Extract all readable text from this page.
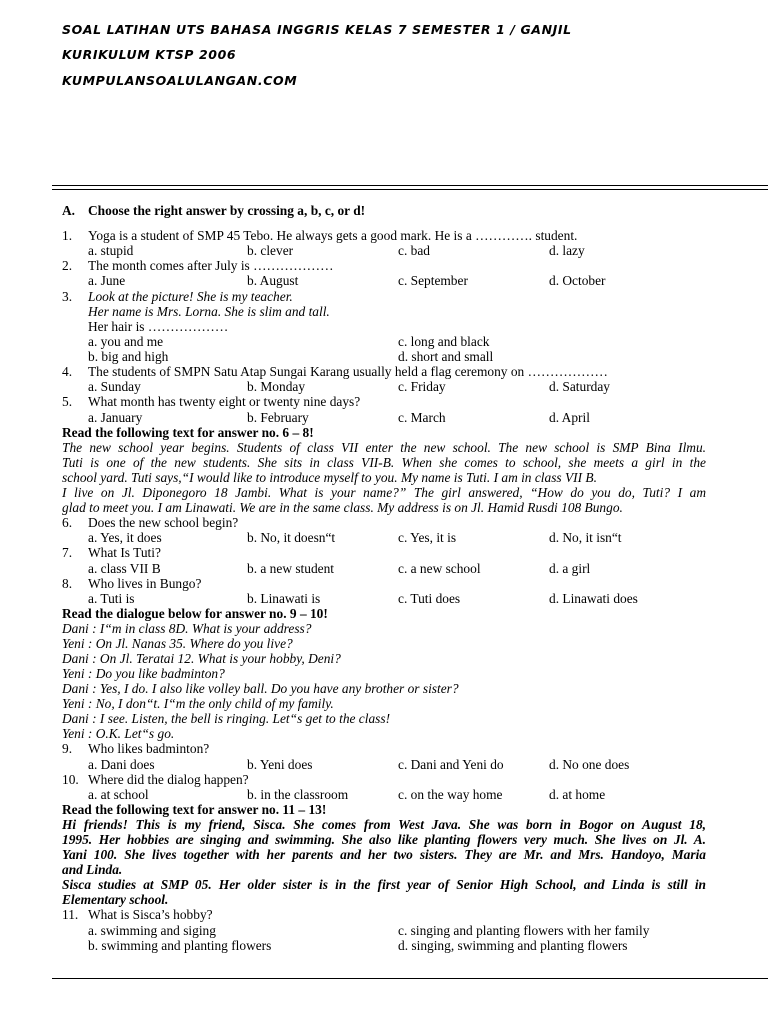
SOAL LATIHAN UTS BAHASA INGGRIS KELAS 7 SEMESTER 1 / GANJIL
KURIKULUM KTSP 2006
KUMPULANSOALULANGAN.COM
A. Choose the right answer by crossing a, b, c, or d!
1. Yoga is a student of SMP 45 Tebo. He always gets a good mark. He is a …………. student.
a. stupid	b. clever	c. bad	d. lazy
2. The month comes after July is ………………
a. June	b. August	c. September	d. October
3. Look at the picture! She is my teacher.
Her name is Mrs. Lorna. She is slim and tall.
Her hair is ………………
a. you and me	c. long and black
b. big and high	d. short and small
4. The students of SMPN Satu Atap Sungai Karang usually held a flag ceremony on ………………
a. Sunday	b. Monday	c. Friday	d. Saturday
5. What month has twenty eight or twenty nine days?
a. January	b. February	c. March	d. April
Read the following text for answer no. 6 – 8!
The new school year begins. Students of class VII enter the new school. The new school is SMP Bina Ilmu.
Tuti is one of the new students. She sits in class VII-B. When she comes to school, she meets a girl in the
school yard. Tuti says,“I would like to introduce myself to you. My name is Tuti. I am in class VII B.
I live on Jl. Diponegoro 18 Jambi. What is your name?” The girl answered, “How do you do, Tuti? I am
glad to meet you. I am Linawati. We are in the same class. My address is on Jl. Hamid Rusdi 108 Bungo.
6. Does the new school begin?
a. Yes, it does	b. No, it doesn“t	c. Yes, it is	d. No, it isn“t
7. What Is Tuti?
a. class VII B	b. a new student	c. a new school	d. a girl
8. Who lives in Bungo?
a. Tuti is	b. Linawati is	c. Tuti does	d. Linawati does
Read the dialogue below for answer no. 9 – 10!
Dani : I“m in class 8D. What is your address?
Yeni : On Jl. Nanas 35. Where do you live?
Dani : On Jl. Teratai 12. What is your hobby, Deni?
Yeni : Do you like badminton?
Dani : Yes, I do. I also like volley ball. Do you have any brother or sister?
Yeni : No, I don“t. I“m the only child of my family.
Dani : I see. Listen, the bell is ringing. Let“s get to the class!
Yeni : O.K. Let“s go.
9. Who likes badminton?
a. Dani does	b. Yeni does	c. Dani and Yeni do	d. No one does
10. Where did the dialog happen?
a. at school	b. in the classroom	c. on the way home	d. at home
Read the following text for answer no. 11 – 13!
Hi friends! This is my friend, Sisca. She comes from West Java. She was born in Bogor on August 18,
1995. Her hobbies are singing and swimming. She also like planting flowers very much. She lives on Jl. A.
Yani 100. She lives together with her parents and her two sisters. They are Mr. and Mrs. Handoyo, Maria
and Linda.
Sisca studies at SMP 05. Her older sister is in the first year of Senior High School, and Linda is still in
Elementary school.
11. What is Sisca’s hobby?
a. swimming and siging	c. singing and planting flowers with her family
b. swimming and planting flowers	d. singing, swimming and planting flowers
